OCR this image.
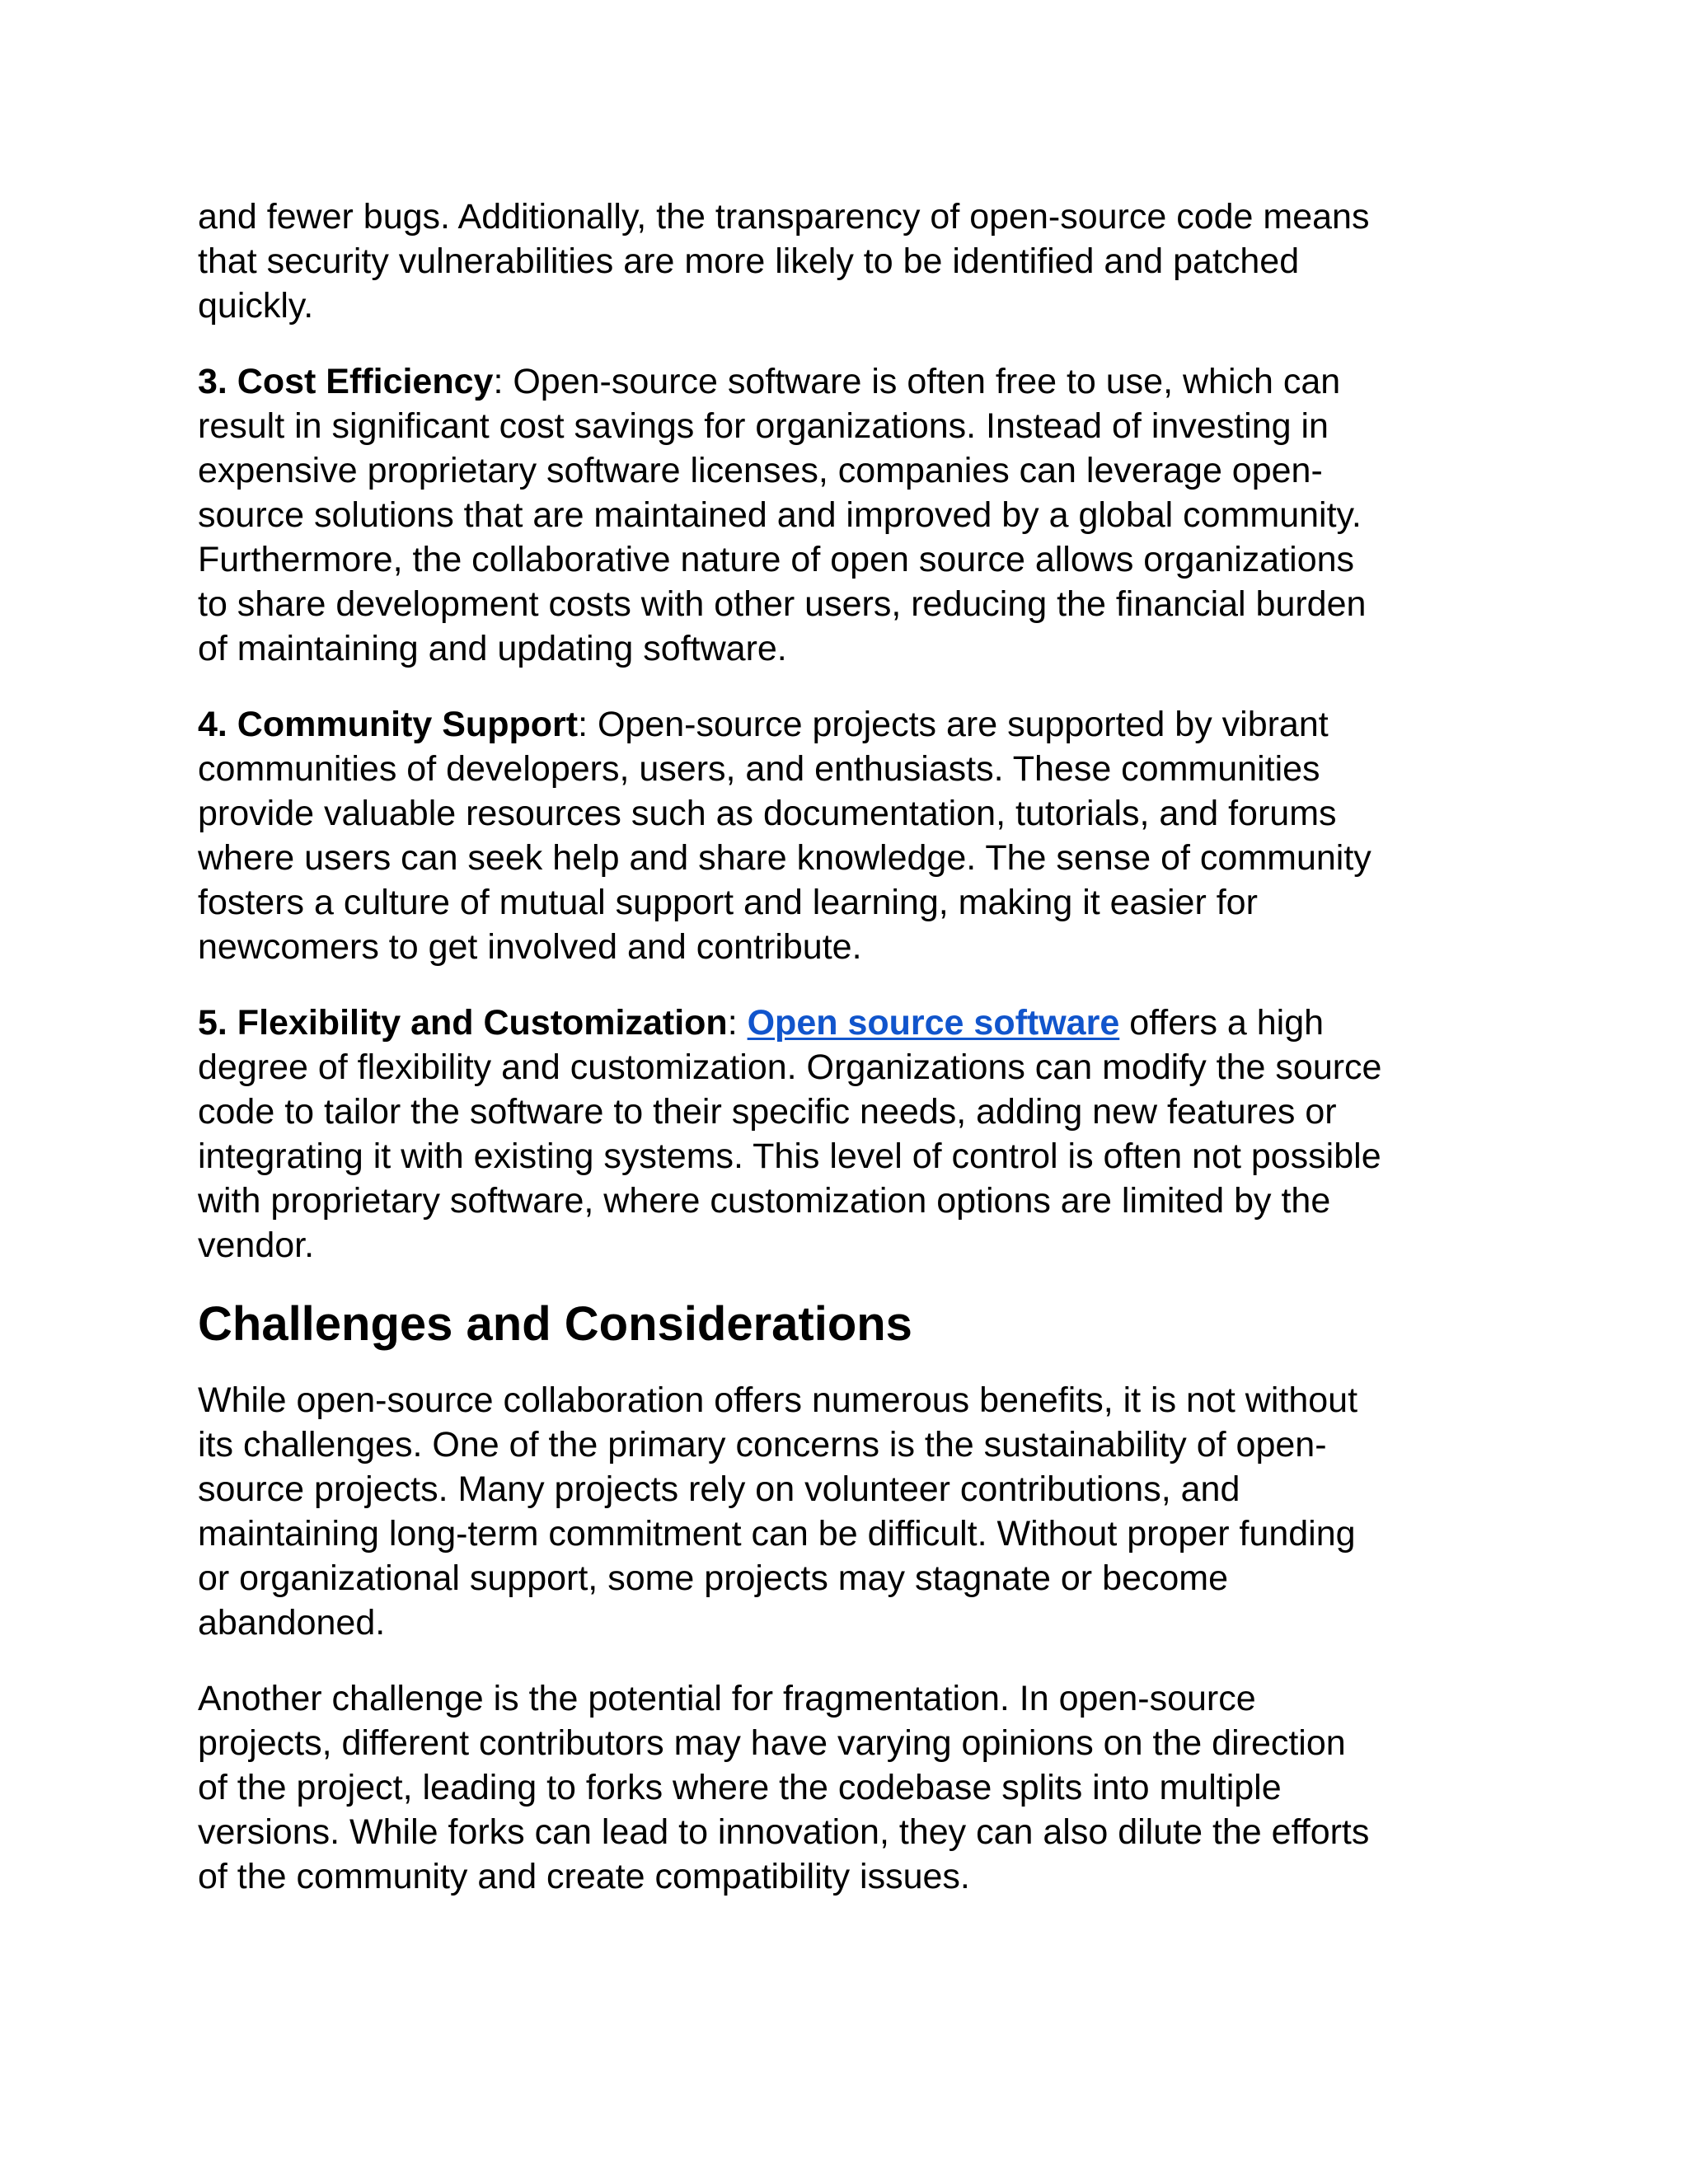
and fewer bugs. Additionally, the transparency of open-source code means
that security vulnerabilities are more likely to be identified and patched
quickly.

3. Cost Efficiency: Open-source software is often free to use, which can
result in significant cost savings for organizations. Instead of investing in
expensive proprietary software licenses, companies can leverage open-
source solutions that are maintained and improved by a global community.
Furthermore, the collaborative nature of open source allows organizations
to share development costs with other users, reducing the financial burden
of maintaining and updating software.

4. Community Support: Open-source projects are supported by vibrant
communities of developers, users, and enthusiasts. These communities
provide valuable resources such as documentation, tutorials, and forums
where users can seek help and share knowledge. The sense of community
fosters a culture of mutual support and learning, making it easier for
newcomers to get involved and contribute.

5. Flexibility and Customization: Open source software offers a high
degree of flexibility and customization. Organizations can modify the source
code to tailor the software to their specific needs, adding new features or
integrating it with existing systems. This level of control is often not possible
with proprietary software, where customization options are limited by the
vendor.

Challenges and Considerations

While open-source collaboration offers numerous benefits, it is not without
its challenges. One of the primary concerns is the sustainability of open-
source projects. Many projects rely on volunteer contributions, and
maintaining long-term commitment can be difficult. Without proper funding
or organizational support, some projects may stagnate or become
abandoned.

Another challenge is the potential for fragmentation. In open-source
projects, different contributors may have varying opinions on the direction
of the project, leading to forks where the codebase splits into multiple
versions. While forks can lead to innovation, they can also dilute the efforts
of the community and create compatibility issues.
